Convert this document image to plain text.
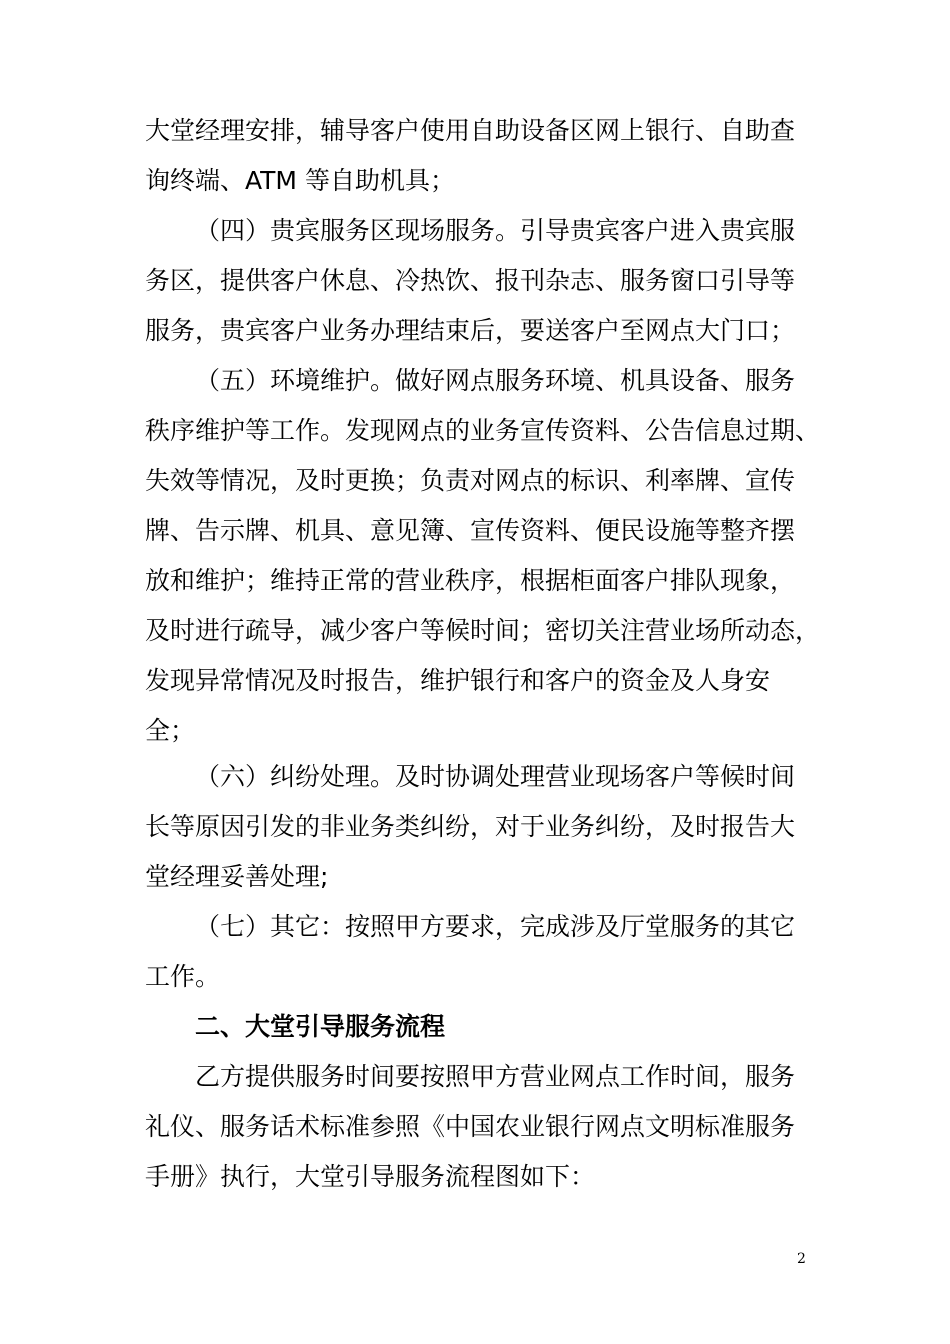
大堂经理安排，辅导客户使用自助设备区网上银行、自助查
询终端、ATM 等自助机具；
（四）贵宾服务区现场服务。引导贵宾客户进入贵宾服
务区，提供客户休息、冷热饮、报刊杂志、服务窗口引导等
服务，贵宾客户业务办理结束后，要送客户至网点大门口；
（五）环境维护。做好网点服务环境、机具设备、服务
秩序维护等工作。发现网点的业务宣传资料、公告信息过期、
失效等情况，及时更换；负责对网点的标识、利率牌、宣传
牌、告示牌、机具、意见簿、宣传资料、便民设施等整齐摆
放和维护；维持正常的营业秩序，根据柜面客户排队现象，
及时进行疏导，减少客户等候时间；密切关注营业场所动态，
发现异常情况及时报告，维护银行和客户的资金及人身安
全；
（六）纠纷处理。及时协调处理营业现场客户等候时间
长等原因引发的非业务类纠纷，对于业务纠纷，及时报告大
堂经理妥善处理;
（七）其它：按照甲方要求，完成涉及厅堂服务的其它
工作。
二、大堂引导服务流程
乙方提供服务时间要按照甲方营业网点工作时间，服务
礼仪、服务话术标准参照《中国农业银行网点文明标准服务
手册》执行，大堂引导服务流程图如下：
2
